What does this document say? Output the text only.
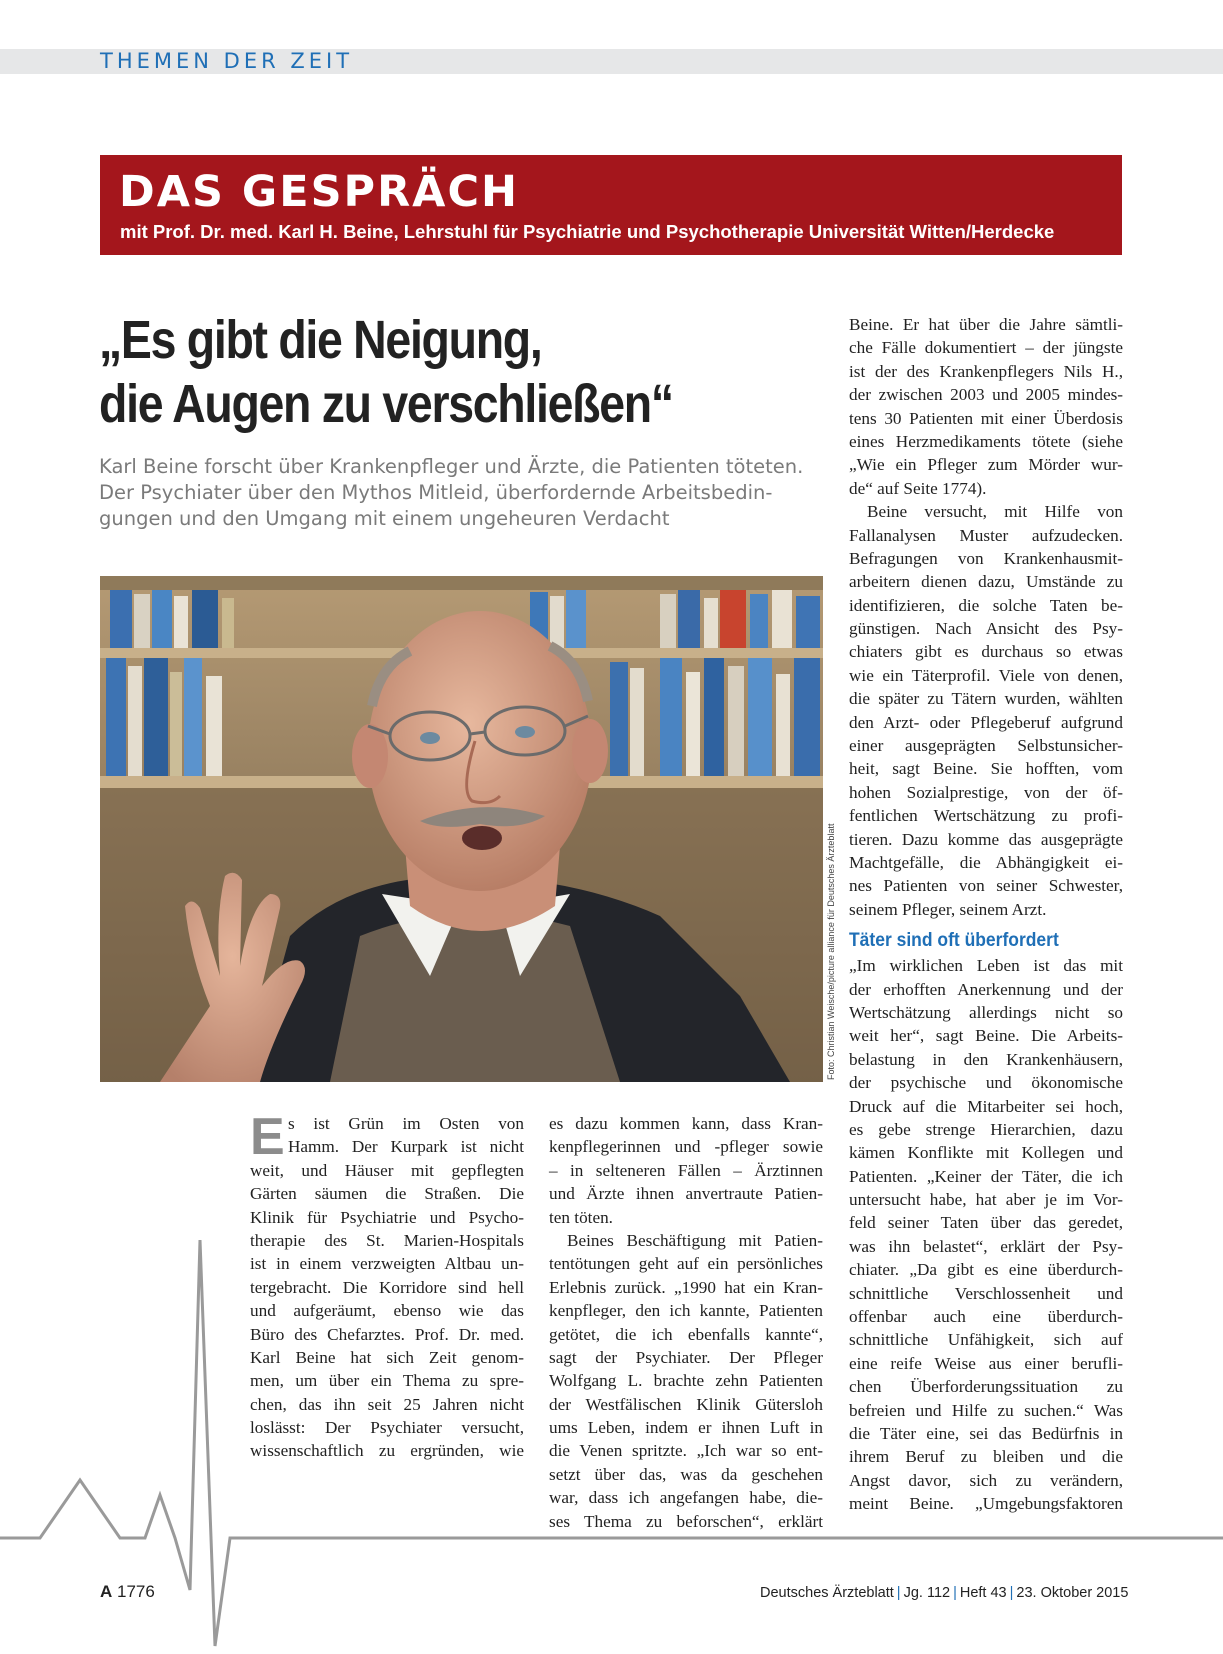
THEMEN DER ZEIT
DAS GESPRÄCH
mit Prof. Dr. med. Karl H. Beine, Lehrstuhl für Psychiatrie und Psychotherapie Universität Witten/Herdecke
„Es gibt die Neigung,
die Augen zu verschließen“
Karl Beine forscht über Krankenpfleger und Ärzte, die Patienten töteten.
Der Psychiater über den Mythos Mitleid, überfordernde Arbeitsbedin-
gungen und den Umgang mit einem ungeheuren Verdacht
Foto: Christian Weische/picture alliance für Deutsches Ärzteblatt
E s ist Grün im Osten von
Hamm. Der Kurpark ist nicht
weit, und Häuser mit gepflegten
Gärten säumen die Straßen. Die
Klinik für Psychiatrie und Psycho-
therapie des St. Marien-Hospitals
ist in einem verzweigten Altbau un-
tergebracht. Die Korridore sind hell
und aufgeräumt, ebenso wie das
Büro des Chefarztes. Prof. Dr. med.
Karl Beine hat sich Zeit genom-
men, um über ein Thema zu spre-
chen, das ihn seit 25 Jahren nicht
loslässt: Der Psychiater versucht,
wissenschaftlich zu ergründen, wie
es dazu kommen kann, dass Kran-
kenpflegerinnen und -pfleger sowie
– in selteneren Fällen – Ärztinnen
und Ärzte ihnen anvertraute Patien-
ten töten.
Beines Beschäftigung mit Patien-
tentötungen geht auf ein persönliches
Erlebnis zurück. „1990 hat ein Kran-
kenpfleger, den ich kannte, Patienten
getötet, die ich ebenfalls kannte“,
sagt der Psychiater. Der Pfleger
Wolfgang L. brachte zehn Patienten
der Westfälischen Klinik Gütersloh
ums Leben, indem er ihnen Luft in
die Venen spritzte. „Ich war so ent-
setzt über das, was da geschehen
war, dass ich angefangen habe, die-
ses Thema zu beforschen“, erklärt
Beine. Er hat über die Jahre sämtli-
che Fälle dokumentiert – der jüngste
ist der des Krankenpflegers Nils H.,
der zwischen 2003 und 2005 mindes-
tens 30 Patienten mit einer Überdosis
eines Herzmedikaments tötete (siehe
„Wie ein Pfleger zum Mörder wur-
de“ auf Seite 1774).
Beine versucht, mit Hilfe von
Fallanalysen Muster aufzudecken.
Befragungen von Krankenhausmit-
arbeitern dienen dazu, Umstände zu
identifizieren, die solche Taten be-
günstigen. Nach Ansicht des Psy-
chiaters gibt es durchaus so etwas
wie ein Täterprofil. Viele von denen,
die später zu Tätern wurden, wählten
den Arzt- oder Pflegeberuf aufgrund
einer ausgeprägten Selbstunsicher-
heit, sagt Beine. Sie hofften, vom
hohen Sozialprestige, von der öf-
fentlichen Wertschätzung zu profi-
tieren. Dazu komme das ausgeprägte
Machtgefälle, die Abhängigkeit ei-
nes Patienten von seiner Schwester,
seinem Pfleger, seinem Arzt.
Täter sind oft überfordert
„Im wirklichen Leben ist das mit
der erhofften Anerkennung und der
Wertschätzung allerdings nicht so
weit her“, sagt Beine. Die Arbeits-
belastung in den Krankenhäusern,
der psychische und ökonomische
Druck auf die Mitarbeiter sei hoch,
es gebe strenge Hierarchien, dazu
kämen Konflikte mit Kollegen und
Patienten. „Keiner der Täter, die ich
untersucht habe, hat aber je im Vor-
feld seiner Taten über das geredet,
was ihn belastet“, erklärt der Psy-
chiater. „Da gibt es eine überdurch-
schnittliche Verschlossenheit und
offenbar auch eine überdurch-
schnittliche Unfähigkeit, sich auf
eine reife Weise aus einer berufli-
chen Überforderungssituation zu
befreien und Hilfe zu suchen.“ Was
die Täter eine, sei das Bedürfnis in
ihrem Beruf zu bleiben und die
Angst davor, sich zu verändern,
meint Beine. „Umgebungsfaktoren
A 1776	Deutsches Ärzteblatt | Jg. 112 | Heft 43 | 23. Oktober 2015
